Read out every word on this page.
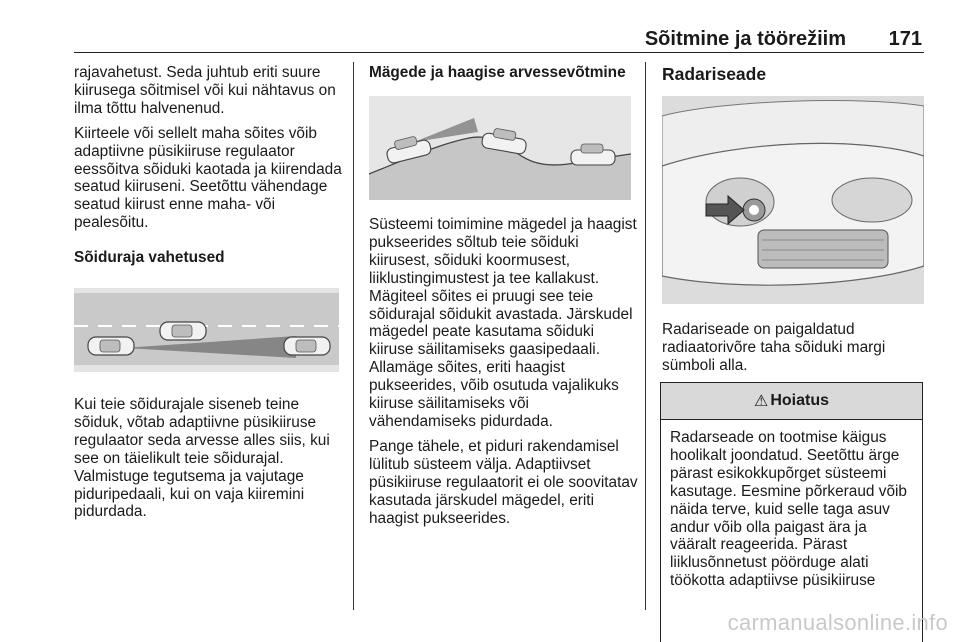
Sõitmine ja töörežiim 171

rajavahetust. Seda juhtub eriti suure kiirusega sõitmisel või kui nähtavus on ilma tõttu halvenenud.

Kiirteele või sellelt maha sõites võib adaptiivne püsikiiruse regulaator eessõitva sõiduki kaotada ja kiirendada seatud kiiruseni. Seetõttu vähendage seatud kiirust enne maha- või pealesõitu.

Sõiduraja vahetused

Kui teie sõidurajale siseneb teine sõiduk, võtab adaptiivne püsikiiruse regulaator seda arvesse alles siis, kui see on täielikult teie sõidurajal. Valmistuge tegutsema ja vajutage piduripedaali, kui on vaja kiiremini pidurdada.

Mägede ja haagise arvessevõtmine

Süsteemi toimimine mägedel ja haagist pukseerides sõltub teie sõiduki kiirusest, sõiduki koormusest, liiklustingimustest ja tee kallakust. Mägiteel sõites ei pruugi see teie sõidurajal sõidukit avastada. Järskudel mägedel peate kasutama sõiduki kiiruse säilitamiseks gaasipedaali. Allamäge sõites, eriti haagist pukseerides, võib osutuda vajalikuks kiiruse säilitamiseks või vähendamiseks pidurdada.

Pange tähele, et piduri rakendamisel lülitub süsteem välja. Adaptiivset püsikiiruse regulaatorit ei ole soovitatav kasutada järskudel mägedel, eriti haagist pukseerides.

Radariseade

Radariseade on paigaldatud radiaatorivõre taha sõiduki margi sümboli alla.

⚠ Hoiatus
Radarseade on tootmise käigus hoolikalt joondatud. Seetõttu ärge pärast esikokkupõrget süsteemi kasutage. Eesmine põrkeraud võib näida terve, kuid selle taga asuv andur võib olla paigast ära ja vääralt reageerida. Pärast liiklusõnnetust pöörduge alati töökotta adaptiivse püsikiiruse
carmanualsonline.info
